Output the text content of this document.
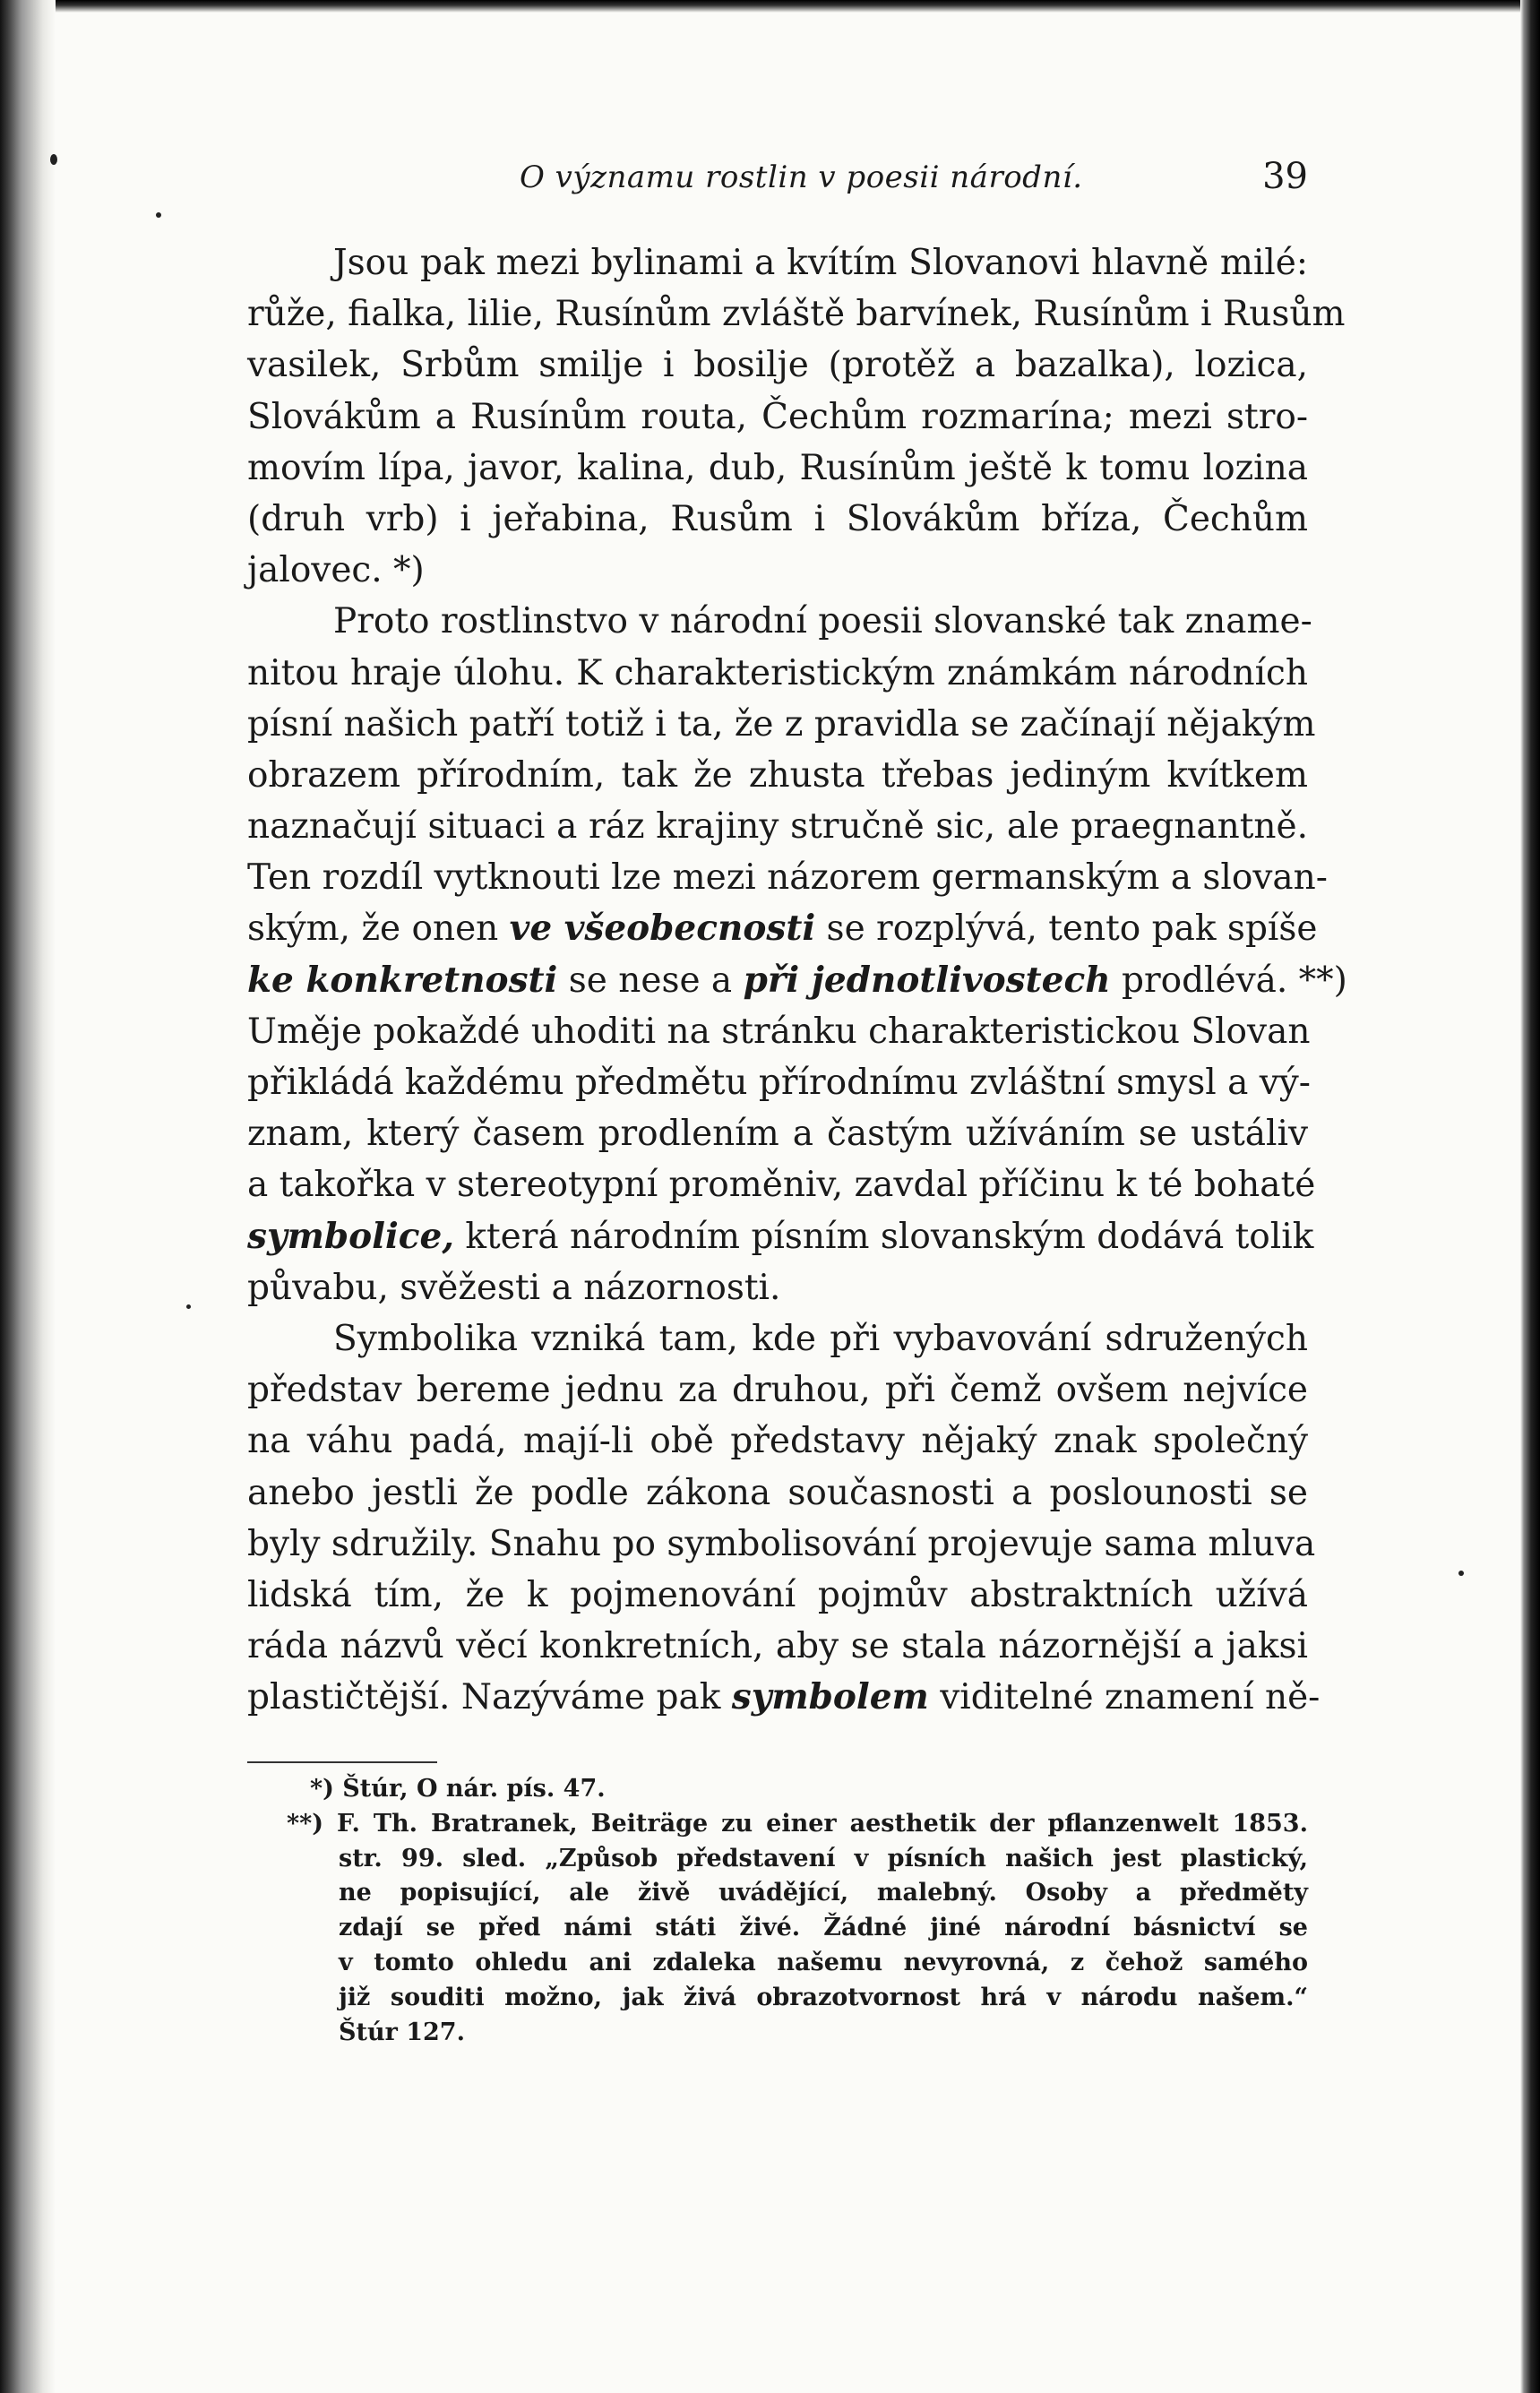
O významu rostlin v poesii národní.	39
Jsou pak mezi bylinami a kvítím Slovanovi hlavně milé:
růže, fialka, lilie, Rusínům zvláště barvínek, Rusínům i Rusům
vasilek, Srbům smilje i bosilje (protěž a bazalka), lozica,
Slovákům a Rusínům routa, Čechům rozmarína; mezi stro-
movím lípa, javor, kalina, dub, Rusínům ještě k tomu lozina
(druh vrb) i jeřabina, Rusům i Slovákům bříza, Čechům
jalovec. *)
Proto rostlinstvo v národní poesii slovanské tak zname-
nitou hraje úlohu. K charakteristickým známkám národních
písní našich patří totiž i ta, že z pravidla se začínají nějakým
obrazem přírodním, tak že zhusta třebas jediným kvítkem
naznačují situaci a ráz krajiny stručně sic, ale praegnantně.
Ten rozdíl vytknouti lze mezi názorem germanským a slovan-
ským, že onen ve všeobecnosti se rozplývá, tento pak spíše
ke konkretnosti se nese a při jednotlivostech prodlévá. **)
Uměje pokaždé uhoditi na stránku charakteristickou Slovan
přikládá každému předmětu přírodnímu zvláštní smysl a vý-
znam, který časem prodlením a častým užíváním se ustáliv
a takořka v stereotypní proměniv, zavdal příčinu k té bohaté
symbolice, která národním písním slovanským dodává tolik
půvabu, svěžesti a názornosti.
Symbolika vzniká tam, kde při vybavování sdružených
představ bereme jednu za druhou, při čemž ovšem nejvíce
na váhu padá, mají-li obě představy nějaký znak společný
anebo jestli že podle zákona současnosti a poslounosti se
byly sdružily. Snahu po symbolisování projevuje sama mluva
lidská tím, že k pojmenování pojmův abstraktních užívá
ráda názvů věcí konkretních, aby se stala názornější a jaksi
plastičtější. Nazýváme pak symbolem viditelné znamení ně-
*) Štúr, O nár. pís. 47.
**) F. Th. Bratranek, Beiträge zu einer aesthetik der pflanzenwelt 1853.
str. 99. sled. „Způsob představení v písních našich jest plastický,
ne popisující, ale živě uvádějící, malebný. Osoby a předměty
zdají se před námi státi živé. Žádné jiné národní básnictví se
v tomto ohledu ani zdaleka našemu nevyrovná, z čehož samého
již souditi možno, jak živá obrazotvornost hrá v národu našem.“
Štúr 127.
